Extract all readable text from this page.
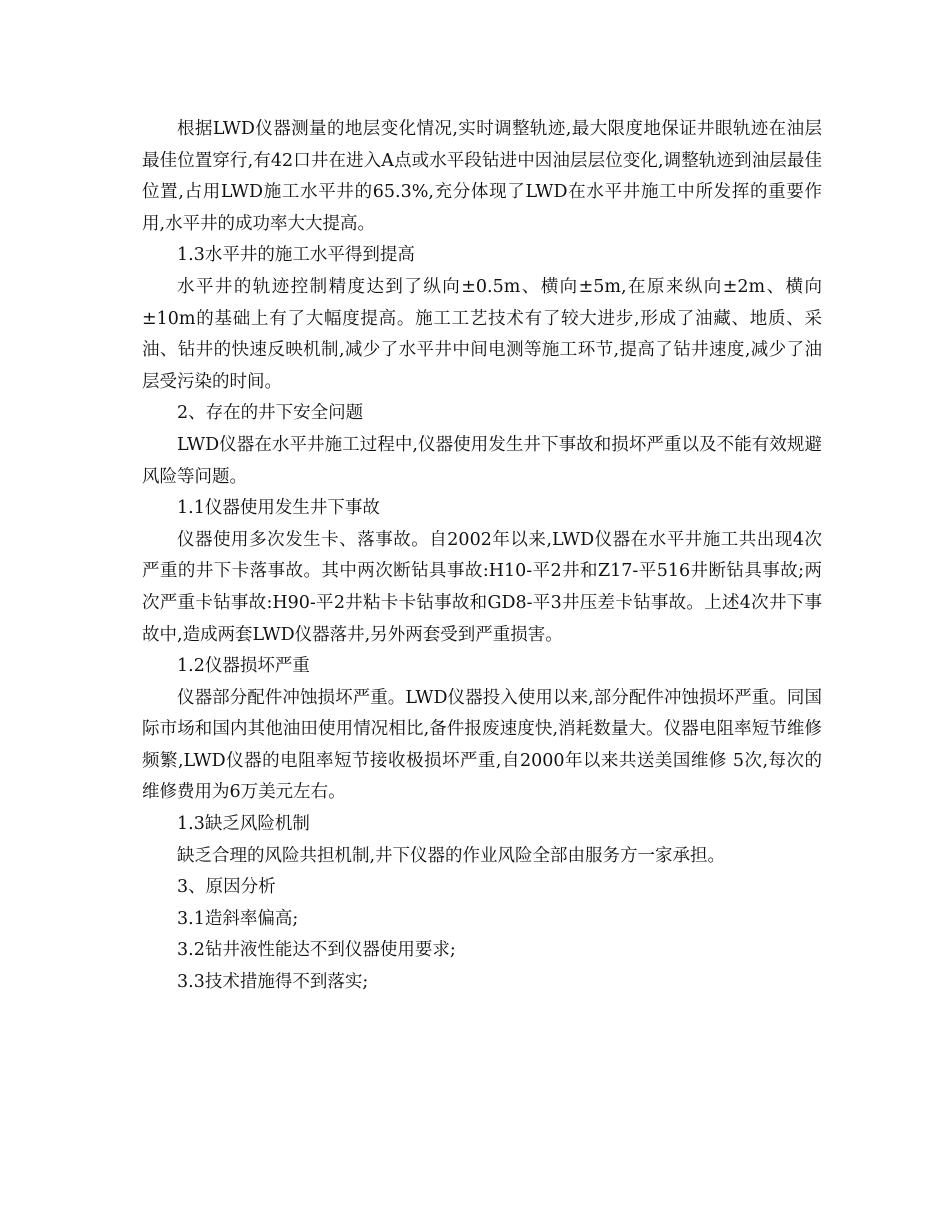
根据LWD仪器测量的地层变化情况,实时调整轨迹,最大限度地保证井眼轨迹在油层最佳位置穿行,有42口井在进入A点或水平段钻进中因油层层位变化,调整轨迹到油层最佳位置,占用LWD施工水平井的65.3%,充分体现了LWD在水平井施工中所发挥的重要作用,水平井的成功率大大提高。

1.3水平井的施工水平得到提高

水平井的轨迹控制精度达到了纵向±0.5m、横向±5m,在原来纵向±2m、横向±10m的基础上有了大幅度提高。施工工艺技术有了较大进步,形成了油藏、地质、采油、钻井的快速反映机制,减少了水平井中间电测等施工环节,提高了钻井速度,减少了油层受污染的时间。

2、存在的井下安全问题

LWD仪器在水平井施工过程中,仪器使用发生井下事故和损坏严重以及不能有效规避风险等问题。

1.1仪器使用发生井下事故

仪器使用多次发生卡、落事故。自2002年以来,LWD仪器在水平井施工共出现4次严重的井下卡落事故。其中两次断钻具事故:H10-平2井和Z17-平516井断钻具事故;两次严重卡钻事故:H90-平2井粘卡卡钻事故和GD8-平3井压差卡钻事故。上述4次井下事故中,造成两套LWD仪器落井,另外两套受到严重损害。

1.2仪器损坏严重

仪器部分配件冲蚀损坏严重。LWD仪器投入使用以来,部分配件冲蚀损坏严重。同国际市场和国内其他油田使用情况相比,备件报废速度快,消耗数量大。仪器电阻率短节维修频繁,LWD仪器的电阻率短节接收极损坏严重,自2000年以来共送美国维修 5次,每次的维修费用为6万美元左右。

1.3缺乏风险机制

缺乏合理的风险共担机制,井下仪器的作业风险全部由服务方一家承担。

3、原因分析

3.1造斜率偏高;

3.2钻井液性能达不到仪器使用要求;

3.3技术措施得不到落实;
